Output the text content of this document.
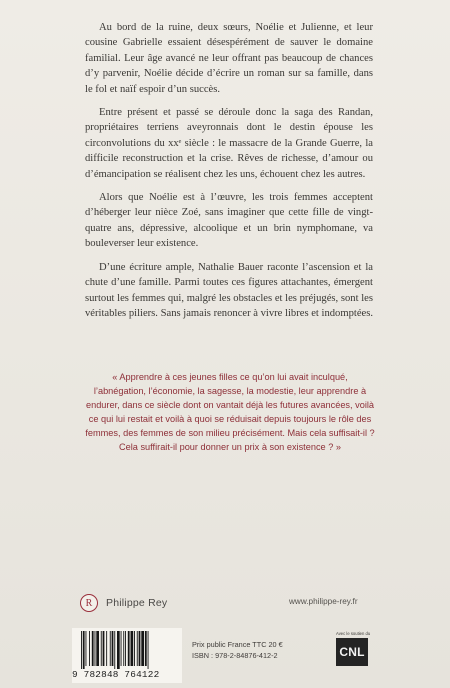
Au bord de la ruine, deux sœurs, Noélie et Julienne, et leur cousine Gabrielle essaient désespérément de sauver le domaine familial. Leur âge avancé ne leur offrant pas beaucoup de chances d’y parvenir, Noélie décide d’écrire un roman sur sa famille, dans le fol et naïf espoir d’un succès.

Entre présent et passé se déroule donc la saga des Randan, propriétaires terriens aveyronnais dont le destin épouse les circonvolutions du xxᵉ siècle : le massacre de la Grande Guerre, la difficile reconstruction et la crise. Rêves de richesse, d’amour ou d’émancipation se réalisent chez les uns, échouent chez les autres.

Alors que Noélie est à l’œuvre, les trois femmes acceptent d’héberger leur nièce Zoé, sans imaginer que cette fille de vingt-quatre ans, dépressive, alcoolique et un brin nymphomane, va bouleverser leur existence.

D’une écriture ample, Nathalie Bauer raconte l’ascension et la chute d’une famille. Parmi toutes ces figures attachantes, émergent surtout les femmes qui, malgré les obstacles et les préjugés, sont les véritables piliers. Sans jamais renoncer à vivre libres et indomptées.

« Apprendre à ces jeunes filles ce qu’on lui avait inculqué, l’abnégation, l’économie, la sagesse, la modestie, leur apprendre à endurer, dans ce siècle dont on vantait déjà les futures avancées, voilà ce qui lui restait et voilà à quoi se réduisait depuis toujours le rôle des femmes, des femmes de son milieu précisément. Mais cela suffisait-il ? Cela suffirait-il pour donner un prix à son existence ? »
R	Philippe Rey	www.philippe-rey.fr
9 782848 764122
Prix public France TTC 20 €
ISBN : 978-2-84876-412-2
Avec le soutien du
CNL
